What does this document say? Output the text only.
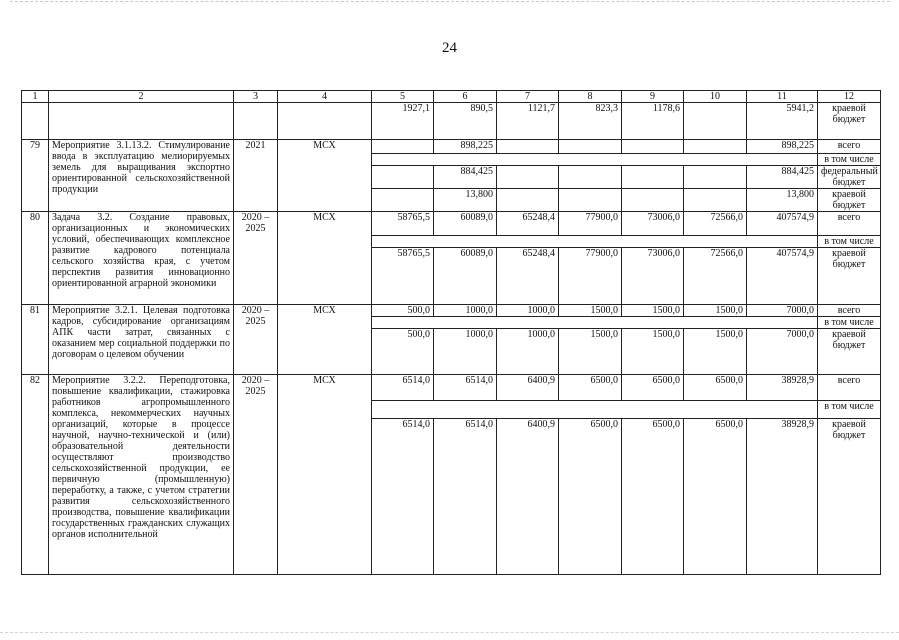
24
1	2	3	4	5	6	7	8	9	10	11	12
				1927,1	890,5	1121,7	823,3	1178,6		5941,2	краевой бюджет
79	Мероприятие 3.1.13.2. Стимулирование ввода в эксплуатацию мелиорируемых земель для выращивания экспортно ориентированной сельскохозяйственной продукции	2021	МСХ		898,225					898,225	всего
											в том числе
					884,425					884,425	федеральный бюджет
					13,800					13,800	краевой бюджет
80	Задача 3.2. Создание правовых, организационных и экономических условий, обеспечивающих комплексное развитие кадрового потенциала сельского хозяйства края, с учетом перспектив развития инновационно ориентированной аграрной экономики	2020 – 2025	МСХ	58765,5	60089,0	65248,4	77900,0	73006,0	72566,0	407574,9	всего
											в том числе
				58765,5	60089,0	65248,4	77900,0	73006,0	72566,0	407574,9	краевой бюджет
81	Мероприятие 3.2.1. Целевая подготовка кадров, субсидирование организациям АПК части затрат, связанных с оказанием мер социальной поддержки по договорам о целевом обучении	2020 – 2025	МСХ	500,0	1000,0	1000,0	1500,0	1500,0	1500,0	7000,0	всего
											в том числе
				500,0	1000,0	1000,0	1500,0	1500,0	1500,0	7000,0	краевой бюджет
82	Мероприятие 3.2.2. Переподготовка, повышение квалификации, стажировка работников агропромышленного комплекса, некоммерческих научных организаций, которые в процессе научной, научно-технической и (или) образовательной деятельности осуществляют производство сельскохозяйственной продукции, ее первичную (промышленную) переработку, а также, с учетом стратегии развития сельскохозяйственного производства, повышение квалификации государственных гражданских служащих органов исполнительной	2020 – 2025	МСХ	6514,0	6514,0	6400,9	6500,0	6500,0	6500,0	38928,9	всего
											в том числе
				6514,0	6514,0	6400,9	6500,0	6500,0	6500,0	38928,9	краевой бюджет
